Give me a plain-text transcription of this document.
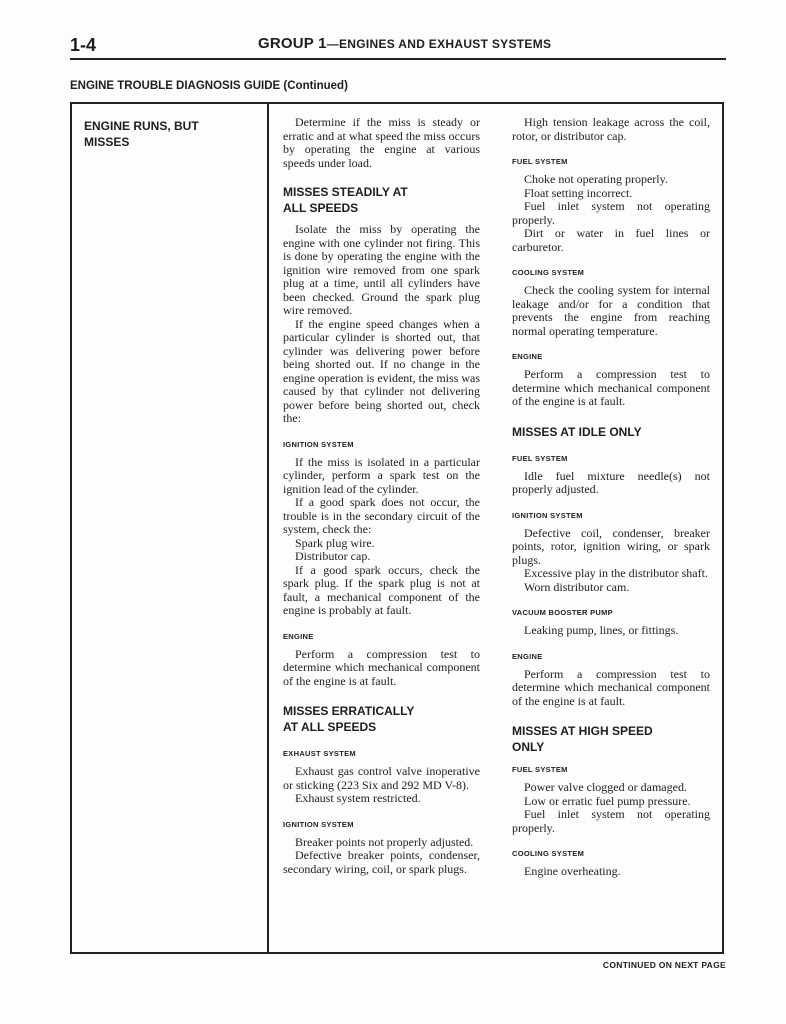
1-4	GROUP 1—ENGINES AND EXHAUST SYSTEMS
ENGINE TROUBLE DIAGNOSIS GUIDE (Continued)
ENGINE RUNS, BUT
MISSES

Determine if the miss is steady or erratic and at what speed the miss occurs by operating the engine at various speeds under load.

MISSES STEADILY AT
ALL SPEEDS

Isolate the miss by operating the engine with one cylinder not firing. This is done by operating the engine with the ignition wire removed from one spark plug at a time, until all cylinders have been checked. Ground the spark plug wire removed.

If the engine speed changes when a particular cylinder is shorted out, that cylinder was delivering power before being shorted out. If no change in the engine operation is evident, the miss was caused by that cylinder not delivering power before being shorted out, check the:

IGNITION SYSTEM

If the miss is isolated in a particular cylinder, perform a spark test on the ignition lead of the cylinder.

If a good spark does not occur, the trouble is in the secondary circuit of the system, check the:

Spark plug wire.

Distributor cap.

If a good spark occurs, check the spark plug. If the spark plug is not at fault, a mechanical component of the engine is probably at fault.

ENGINE

Perform a compression test to determine which mechanical component of the engine is at fault.

MISSES ERRATICALLY
AT ALL SPEEDS
EXHAUST SYSTEM

Exhaust gas control valve inoperative or sticking (223 Six and 292 MD V-8).

Exhaust system restricted.

IGNITION SYSTEM

Breaker points not properly adjusted.

Defective breaker points, condenser, secondary wiring, coil, or spark plugs.

High tension leakage across the coil, rotor, or distributor cap.

FUEL SYSTEM

Choke not operating properly.

Float setting incorrect.

Fuel inlet system not operating properly.

Dirt or water in fuel lines or carburetor.

COOLING SYSTEM

Check the cooling system for internal leakage and/or for a condition that prevents the engine from reaching normal operating temperature.

ENGINE

Perform a compression test to determine which mechanical component of the engine is at fault.

MISSES AT IDLE ONLY
FUEL SYSTEM

Idle fuel mixture needle(s) not properly adjusted.

IGNITION SYSTEM

Defective coil, condenser, breaker points, rotor, ignition wiring, or spark plugs.

Excessive play in the distributor shaft.

Worn distributor cam.

VACUUM BOOSTER PUMP

Leaking pump, lines, or fittings.

ENGINE

Perform a compression test to determine which mechanical component of the engine is at fault.

MISSES AT HIGH SPEED
ONLY
FUEL SYSTEM

Power valve clogged or damaged.

Low or erratic fuel pump pressure.

Fuel inlet system not operating properly.

COOLING SYSTEM

Engine overheating.

CONTINUED ON NEXT PAGE
